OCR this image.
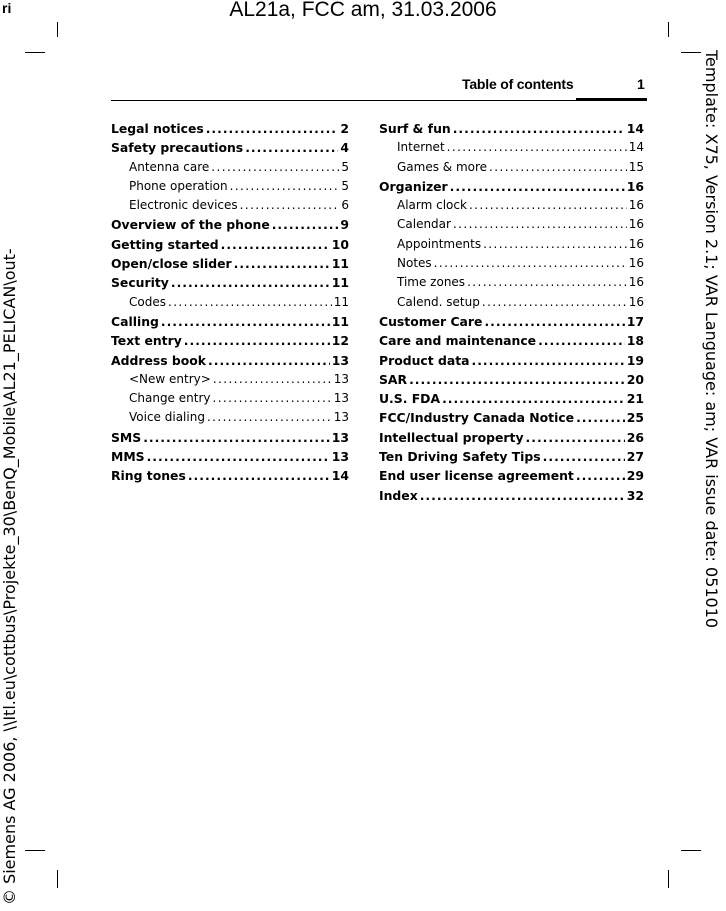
ri	AL21a, FCC am, 31.03.2006
Template: X75, Version 2.1; VAR Language: am; VAR issue date: 051010
© Siemens AG 2006, \\Itl.eu\cottbus\Projekte_30\BenQ_Mobile\AL21_PELICAN\out-
Table of contents	1
Legal notices .....	2
Safety precautions .....	4
Antenna care .....	5
Phone operation .....	5
Electronic devices .....	6
Overview of the phone .....	9
Getting started .....	10
Open/close slider .....	11
Security .....	11
Codes .....	11
Calling .....	11
Text entry .....	12
Address book .....	13
<New entry> .....	13
Change entry .....	13
Voice dialing .....	13
SMS .....	13
MMS .....	13
Ring tones .....	14
Surf & fun .....	14
Internet .....	14
Games & more .....	15
Organizer .....	16
Alarm clock .....	16
Calendar .....	16
Appointments .....	16
Notes .....	16
Time zones .....	16
Calend. setup .....	16
Customer Care .....	17
Care and maintenance .....	18
Product data .....	19
SAR .....	20
U.S. FDA .....	21
FCC/Industry Canada Notice .....	25
Intellectual property .....	26
Ten Driving Safety Tips .....	27
End user license agreement .....	29
Index .....	32
